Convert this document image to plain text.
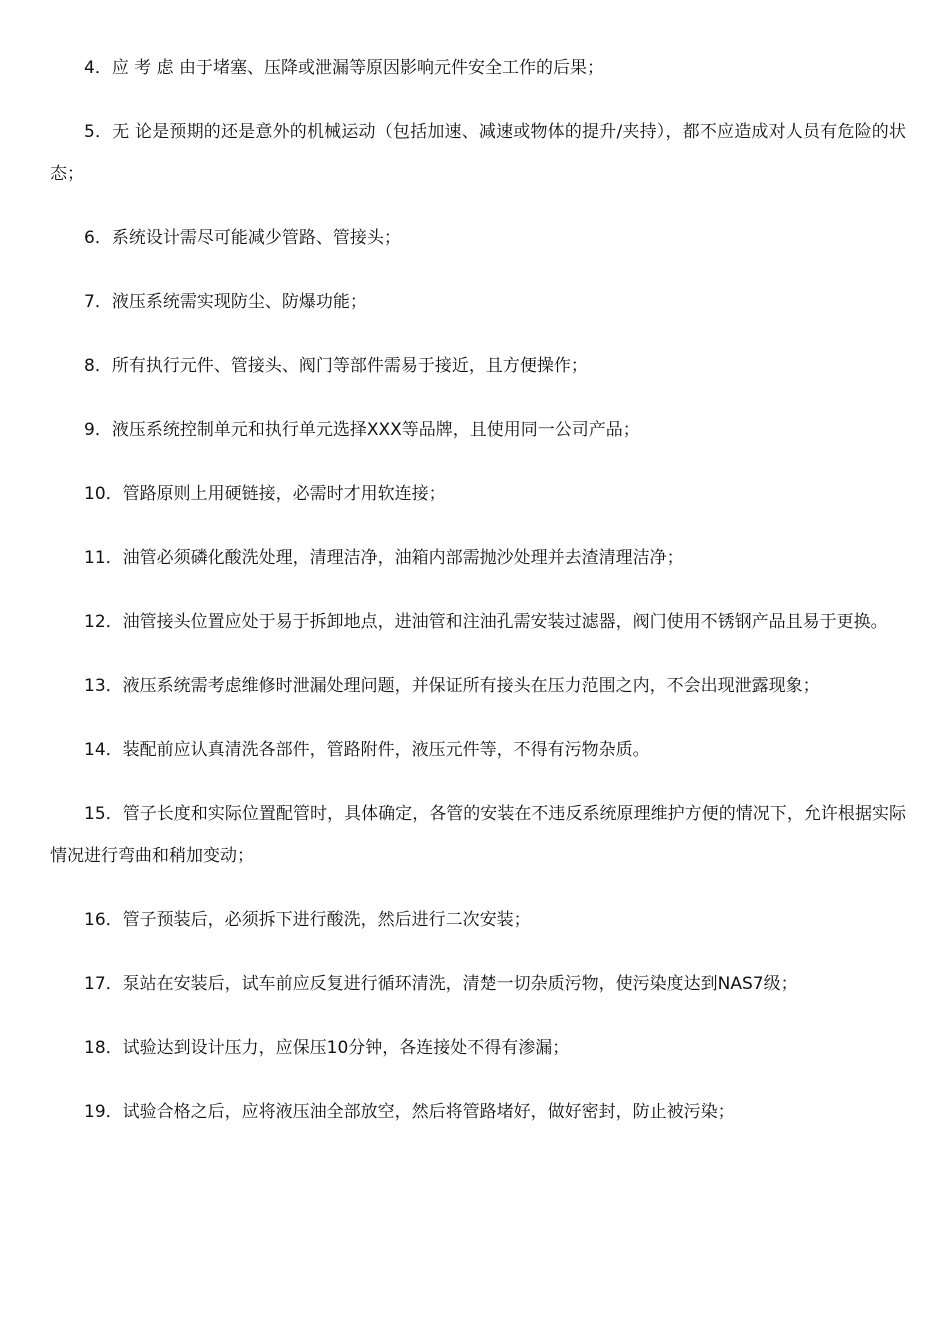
4．应 考 虑 由于堵塞、压降或泄漏等原因影响元件安全工作的后果；

5．无 论是预期的还是意外的机械运动（包括加速、减速或物体的提升/夹持），都不应造成对人员有危险的状态；

6．系统设计需尽可能减少管路、管接头；

7．液压系统需实现防尘、防爆功能；

8．所有执行元件、管接头、阀门等部件需易于接近，且方便操作；

9．液压系统控制单元和执行单元选择XXX等品牌，且使用同一公司产品；

10．管路原则上用硬链接，必需时才用软连接；

11．油管必须磷化酸洗处理，清理洁净，油箱内部需抛沙处理并去渣清理洁净；

12．油管接头位置应处于易于拆卸地点，进油管和注油孔需安装过滤器，阀门使用不锈钢产品且易于更换。

13．液压系统需考虑维修时泄漏处理问题，并保证所有接头在压力范围之内，不会出现泄露现象；

14．装配前应认真清洗各部件，管路附件，液压元件等，不得有污物杂质。

15．管子长度和实际位置配管时，具体确定，各管的安装在不违反系统原理维护方便的情况下，允许根据实际情况进行弯曲和稍加变动；

16．管子预装后，必须拆下进行酸洗，然后进行二次安装；

17．泵站在安装后，试车前应反复进行循环清洗，清楚一切杂质污物，使污染度达到NAS7级；

18．试验达到设计压力，应保压10分钟，各连接处不得有渗漏；

19．试验合格之后，应将液压油全部放空，然后将管路堵好，做好密封，防止被污染；
